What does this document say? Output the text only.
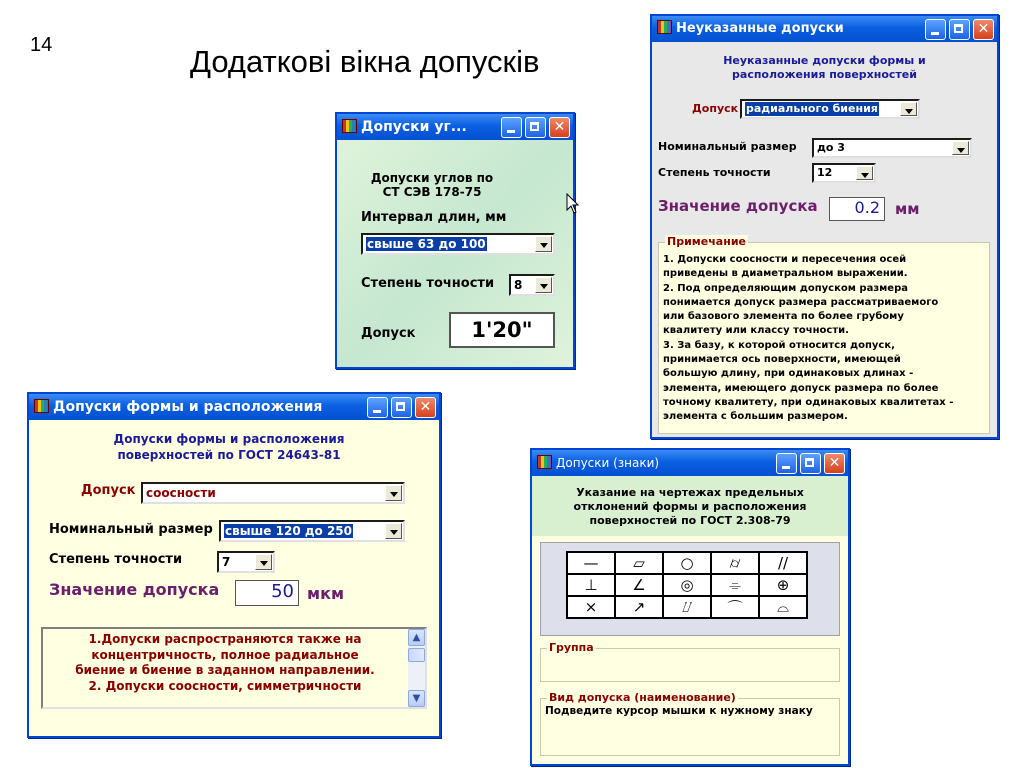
14	Додаткові вікна допусків
Допуски уг...	✕
Допуски углов по
СТ СЭВ 178-75
Интервал длин, мм
свыше 63 до 100
Степень точности 8
Допуск	1'20"
Неуказанные допуски	✕
Неуказанные допуски формы и
расположения поверхностей
Допуск радиального биения
Номинальный размер до 3
Степень точности	12
Значение допуска	0.2	мм
Примечание
1. Допуски соосности и пересечения осей
приведены в диаметральном выражении.
2. Под определяющим допуском размера
понимается допуск размера рассматриваемого
или базового элемента по более грубому
квалитету или классу точности.
3. За базу, к которой относится допуск,
принимается ось поверхности, имеющей
большую длину, при одинаковых длинах -
элемента, имеющего допуск размера по более
точному квалитету, при одинаковых квалитетах -
элемента с большим размером.
Допуски формы и расположения	✕
Допуски формы и расположения
поверхностей по ГОСТ 24643-81
Допуск соосности
Номинальный размер свыше 120 до 250
Степень точности	7
Значение допуска	50 мкм
1.Допуски распространяются также на
концентричность, полное радиальное
биение и биение в заданном направлении.
2. Допуски соосности, симметричности
▲
▼
Допуски (знаки)	✕
Указание на чертежах предельных
отклонений формы и расположения
поверхностей по ГОСТ 2.308-79
—	▱	○	⌭	//
⊥	∠	◎	⌯	⊕
×	↗	⌰	⌒	⌓
Группа
Вид допуска (наименование)
Подведите курсор мышки к нужному знаку
